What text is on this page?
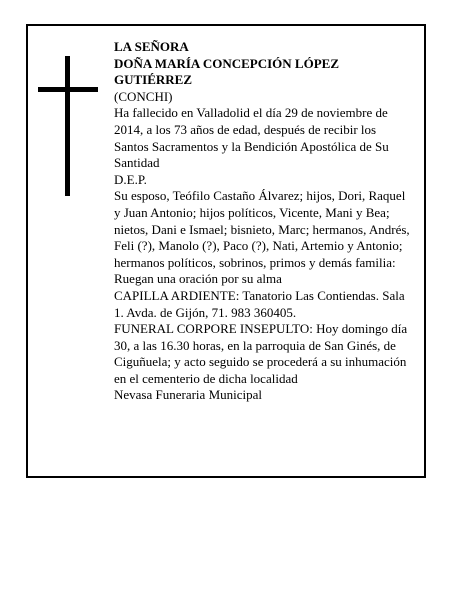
LA SEÑORA

DOÑA MARÍA CONCEPCIÓN LÓPEZ GUTIÉRREZ

(CONCHI)

Ha fallecido en Valladolid el día 29 de noviembre de 2014, a los 73 años de edad, después de recibir los Santos Sacramentos y la Bendición Apostólica de Su Santidad

D.E.P.

Su esposo, Teófilo Castaño Álvarez; hijos, Dori, Raquel y Juan Antonio; hijos políticos, Vicente, Mani y Bea; nietos, Dani e Ismael; bisnieto, Marc; hermanos, Andrés, Feli (?), Manolo (?), Paco (?), Nati, Artemio y Antonio; hermanos políticos, sobrinos, primos y demás familia:

Ruegan una oración por su alma

CAPILLA ARDIENTE: Tanatorio Las Contiendas. Sala 1. Avda. de Gijón, 71. 983 360405.

FUNERAL CORPORE INSEPULTO: Hoy domingo día 30, a las 16.30 horas, en la parroquia de San Ginés, de Ciguñuela; y acto seguido se procederá a su inhumación en el cementerio de dicha localidad

Nevasa Funeraria Municipal
